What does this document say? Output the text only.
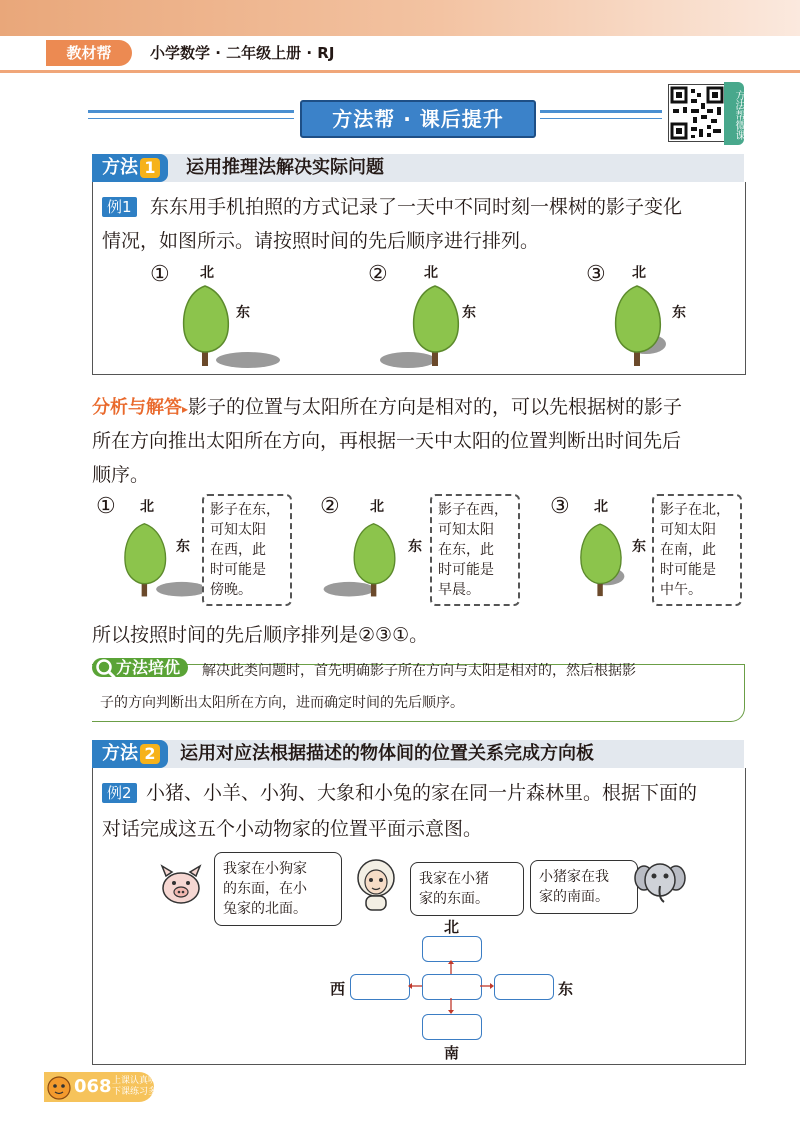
教材帮	小学数学 · 二年级上册 · RJ
方法帮 · 课后提升	方法帮微课
方法 1	运用推理法解决实际问题
例1 东东用手机拍照的方式记录了一天中不同时刻一棵树的影子变化
情况，如图所示。请按照时间的先后顺序进行排列。
① 北
东
②	北
东
③ 北
东
分析与解答▸影子的位置与太阳所在方向是相对的，可以先根据树的影子
所在方向推出太阳所在方向，再根据一天中太阳的位置判断出时间先后
顺序。
① 北
东
影子在东，
可知太阳
在西，此
时可能是
傍晚。
② 北
东
影子在西，
可知太阳
在东，此
时可能是
早晨。
③ 北
东
影子在北，
可知太阳
在南，此
时可能是
中午。
所以按照时间的先后顺序排列是②③①。
方法培优	解决此类问题时，首先明确影子所在方向与太阳是相对的，然后根据影
子的方向判断出太阳所在方向，进而确定时间的先后顺序。
方法 2	运用对应法根据描述的物体间的位置关系完成方向板
例2 小猪、小羊、小狗、大象和小兔的家在同一片森林里。根据下面的
对话完成这五个小动物家的位置平面示意图。
我家在小狗家
的东面，在小
兔家的北面。
我家在小猪
家的东面。
小猪家在我
家的南面。
北
西	东
南
068 上课认真听
下课练习多
